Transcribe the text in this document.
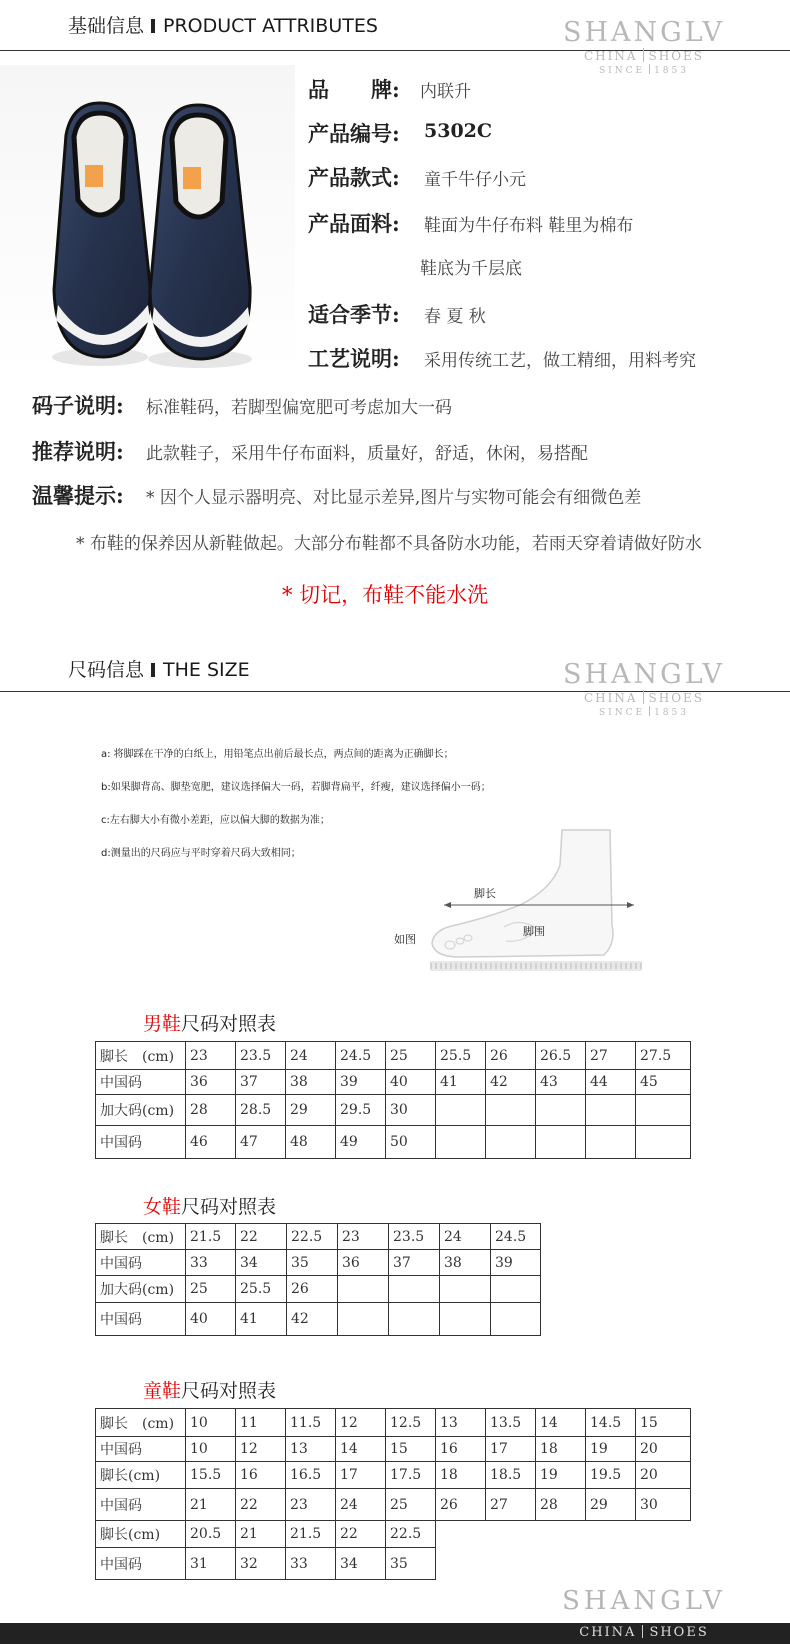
基础信息 PRODUCT ATTRIBUTES	SHANGLV
CHINA SHOES
SINCE 1853
品　　牌: 内联升
产品编号: 5302C
产品款式: 童千牛仔小元
产品面料: 鞋面为牛仔布料 鞋里为棉布
鞋底为千层底
适合季节: 春 夏 秋
工艺说明: 采用传统工艺，做工精细，用料考究
码子说明: 标准鞋码，若脚型偏宽肥可考虑加大一码
推荐说明: 此款鞋子，采用牛仔布面料，质量好，舒适，休闲，易搭配
温馨提示: * 因个人显示器明亮、对比显示差异,图片与实物可能会有细微色差
* 布鞋的保养因从新鞋做起。大部分布鞋都不具备防水功能，若雨天穿着请做好防水
* 切记，布鞋不能水洗
尺码信息 THE SIZE	SHANGLV
CHINA SHOES
SINCE 1853
a: 将脚踩在干净的白纸上，用铅笔点出前后最长点，两点间的距离为正确脚长；
b:如果脚背高、脚垫宽肥，建议选择偏大一码，若脚背扁平，纤瘦，建议选择偏小一码；
c:左右脚大小有微小差距，应以偏大脚的数据为准；
d:测量出的尺码应与平时穿着尺码大致相同；
脚长
脚围
如图
男鞋尺码对照表
脚长　(cm)	23	23.5	24	24.5	25	25.5	26	26.5	27	27.5
中国码	36	37	38	39	40	41	42	43	44	45
加大码(cm)	28	28.5	29	29.5	30					
中国码	46	47	48	49	50					
女鞋尺码对照表
脚长　(cm)	21.5	22	22.5	23	23.5	24	24.5
中国码	33	34	35	36	37	38	39
加大码(cm)	25	25.5	26				
中国码	40	41	42				
童鞋尺码对照表
脚长　(cm)	10	11	11.5	12	12.5	13	13.5	14	14.5	15
中国码	10	12	13	14	15	16	17	18	19	20
脚长(cm)	15.5	16	16.5	17	17.5	18	18.5	19	19.5	20
中国码	21	22	23	24	25	26	27	28	29	30
脚长(cm)	20.5	21	21.5	22	22.5					
中国码	31	32	33	34	35					
SHANGLV
CHINA SHOES
